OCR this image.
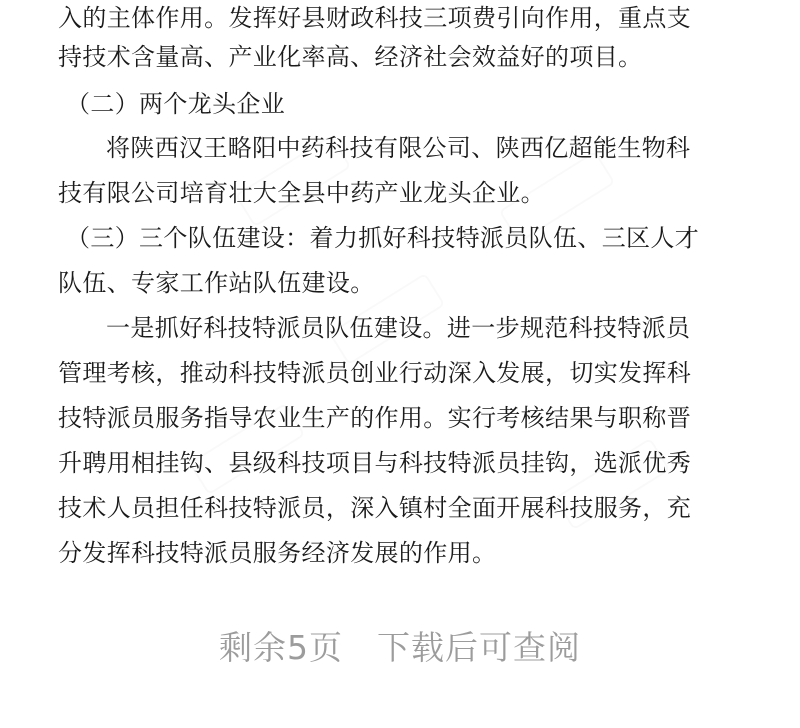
入的主体作用。发挥好县财政科技三项费引向作用，重点支
持技术含量高、产业化率高、经济社会效益好的项目。
（二）两个龙头企业
将陕西汉王略阳中药科技有限公司、陕西亿超能生物科
技有限公司培育壮大全县中药产业龙头企业。
（三）三个队伍建设：着力抓好科技特派员队伍、三区人才
队伍、专家工作站队伍建设。
一是抓好科技特派员队伍建设。进一步规范科技特派员
管理考核，推动科技特派员创业行动深入发展，切实发挥科
技特派员服务指导农业生产的作用。实行考核结果与职称晋
升聘用相挂钩、县级科技项目与科技特派员挂钩，选派优秀
技术人员担任科技特派员，深入镇村全面开展科技服务，充
分发挥科技特派员服务经济发展的作用。
剩余5页 下载后可查阅
